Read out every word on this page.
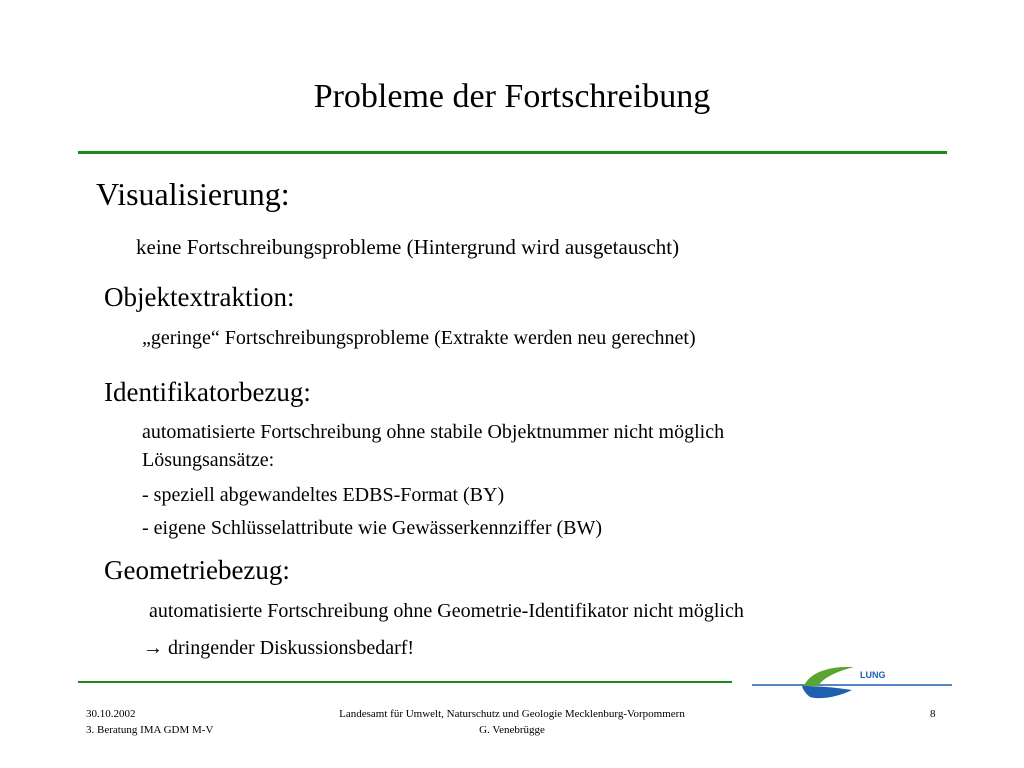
Probleme der Fortschreibung
Visualisierung:
keine Fortschreibungsprobleme (Hintergrund wird ausgetauscht)
Objektextraktion:
„geringe“ Fortschreibungsprobleme (Extrakte werden neu gerechnet)
Identifikatorbezug:
automatisierte Fortschreibung ohne stabile Objektnummer nicht möglich
Lösungsansätze:
- speziell abgewandeltes EDBS-Format (BY)
- eigene Schlüsselattribute wie Gewässerkennziffer (BW)
Geometriebezug:
automatisierte Fortschreibung ohne Geometrie-Identifikator nicht möglich
→ dringender Diskussionsbedarf!
LUNG
30.10.2002
3. Beratung IMA GDM M-V
Landesamt für Umwelt, Naturschutz und Geologie Mecklenburg-Vorpommern
G. Venebrügge
8
